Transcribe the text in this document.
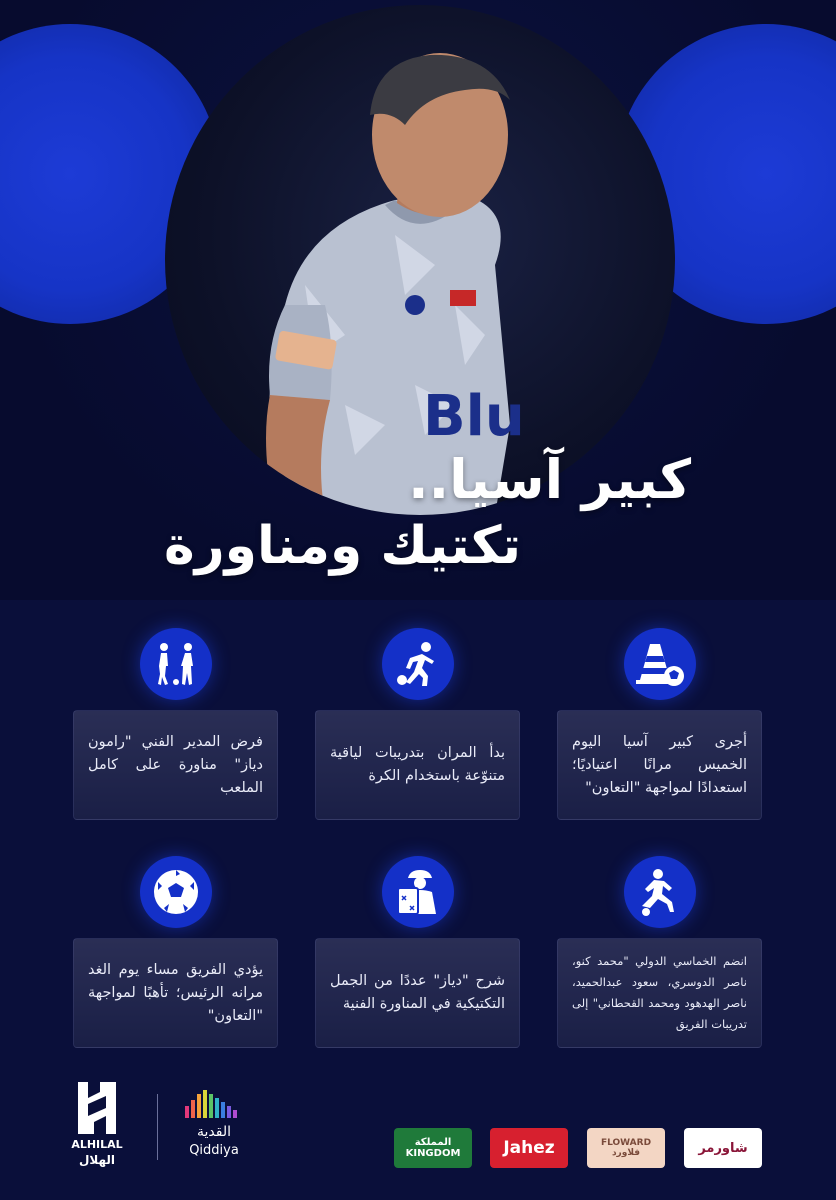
Blu
كبير آسيا..
تكتيك ومناورة

أجرى كبير آسيا اليوم الخميس مرانًا اعتياديًا؛ استعدادًا لمواجهة "التعاون"

بدأ المران بتدريبات لياقية متنوّعة باستخدام الكرة

فرض المدير الفني "رامون دياز" مناورة على كامل الملعب

انضم الخماسي الدولي "محمد كنو، ناصر الدوسري، سعود عبدالحميد، ناصر الهدهود ومحمد القحطاني" إلى تدريبات الفريق

شرح "دياز" عددًا من الجمل التكتيكية في المناورة الفنية

يؤدي الفريق مساء يوم الغد مرانه الرئيس؛ تأهبًا لمواجهة "التعاون"

ALHILAL
الهلال
القدية
Qiddiya	شاورمر
FLOWARD فلاورد
Jahez
المملكة KINGDOM
